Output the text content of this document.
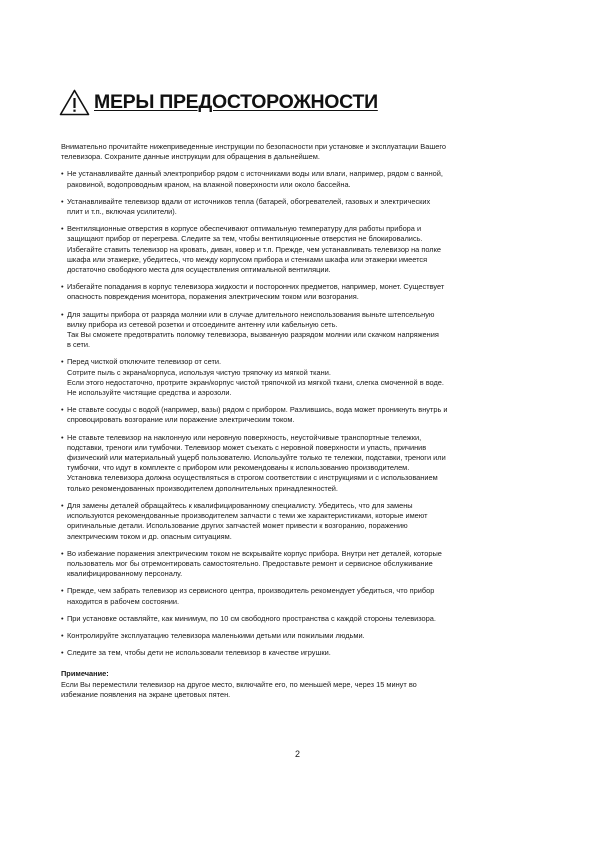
МЕРЫ ПРЕДОСТОРОЖНОСТИ

Внимательно прочитайте нижеприведенные инструкции по безопасности при установке и эксплуатации Вашего
телевизора. Сохраните данные инструкции для обращения в дальнейшем.

• Не устанавливайте данный электроприбор рядом с источниками воды или влаги, например, рядом с ванной,
раковиной, водопроводным краном, на влажной поверхности или около бассейна.
• Устанавливайте телевизор вдали от источников тепла (батарей, обогревателей, газовых и электрических
плит и т.п., включая усилители).
• Вентиляционные отверстия в корпусе обеспечивают оптимальную температуру для работы прибора и
защищают прибор от перегрева. Следите за тем, чтобы вентиляционные отверстия не блокировались.
Избегайте ставить телевизор на кровать, диван, ковер и т.п. Прежде, чем устанавливать телевизор на полке
шкафа или этажерке, убедитесь, что между корпусом прибора и стенками шкафа или этажерки имеется
достаточно свободного места для осуществления оптимальной вентиляции.
• Избегайте попадания в корпус телевизора жидкости и посторонних предметов, например, монет. Существует
опасность повреждения монитора, поражения электрическим током или возгорания.
• Для защиты прибора от разряда молнии или в случае длительного неиспользования выньте штепсельную
вилку прибора из сетевой розетки и отсоедините антенну или кабельную сеть.
Так Вы сможете предотвратить поломку телевизора, вызванную разрядом молнии или скачком напряжения
в сети.
• Перед чисткой отключите телевизор от сети.
Сотрите пыль с экрана/корпуса, используя чистую тряпочку из мягкой ткани.
Если этого недостаточно, протрите экран/корпус чистой тряпочкой из мягкой ткани, слегка смоченной в воде.
Не используйте чистящие средства и аэрозоли.
• Не ставьте сосуды с водой (например, вазы) рядом с прибором. Разлившись, вода может проникнуть внутрь и
спровоцировать возгорание или поражение электрическим током.
• Не ставьте телевизор на наклонную или неровную поверхность, неустойчивые транспортные тележки,
подставки, треноги или тумбочки. Телевизор может съехать с неровной поверхности и упасть, причинив
физический или материальный ущерб пользователю. Используйте только те тележки, подставки, треноги или
тумбочки, что идут в комплекте с прибором или рекомендованы к использованию производителем.
Установка телевизора должна осуществляться в строгом соответствии с инструкциями и с использованием
только рекомендованных производителем дополнительных принадлежностей.
• Для замены деталей обращайтесь к квалифицированному специалисту. Убедитесь, что для замены
используются рекомендованные производителем запчасти с теми же характеристиками, которые имеют
оригинальные детали. Использование других запчастей может привести к возгоранию, поражению
электрическим током и др. опасным ситуациям.
• Во избежание поражения электрическим током не вскрывайте корпус прибора. Внутри нет деталей, которые
пользователь мог бы отремонтировать самостоятельно. Предоставьте ремонт и сервисное обслуживание
квалифицированному персоналу.
• Прежде, чем забрать телевизор из сервисного центра, производитель рекомендует убедиться, что прибор
находится в рабочем состоянии.
• При установке оставляйте, как минимум, по 10 см свободного пространства с каждой стороны телевизора.
• Контролируйте эксплуатацию телевизора маленькими детьми или пожилыми людьми.
• Следите за тем, чтобы дети не использовали телевизор в качестве игрушки.
Примечание:
Если Вы переместили телевизор на другое место, включайте его, по меньшей мере, через 15 минут во
избежание появления на экране цветовых пятен.
2
